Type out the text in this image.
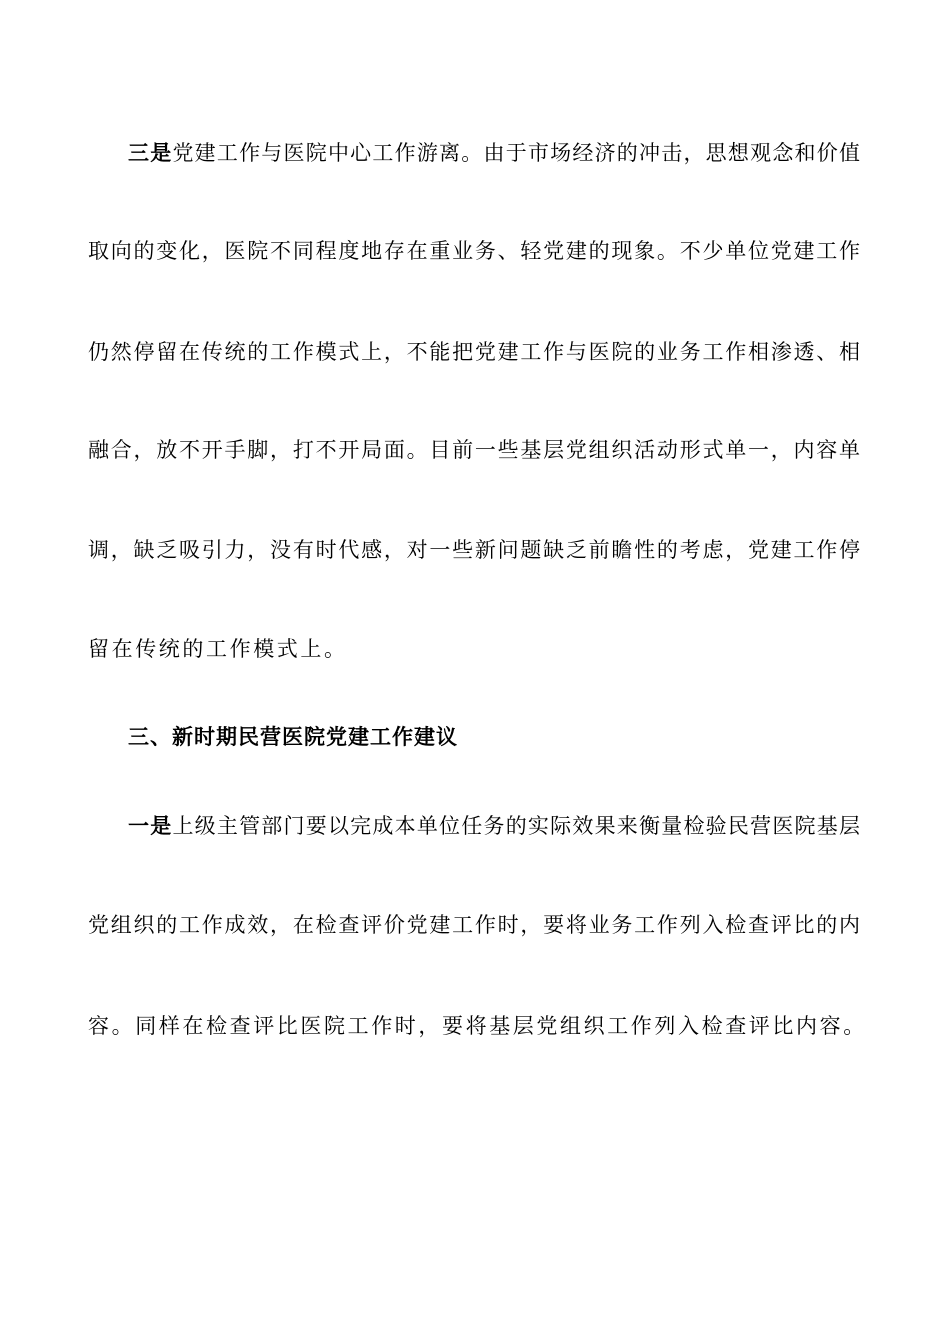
三是党建工作与医院中心工作游离。由于市场经济的冲击，思想观念和价值
取向的变化，医院不同程度地存在重业务、轻党建的现象。不少单位党建工作
仍然停留在传统的工作模式上，不能把党建工作与医院的业务工作相渗透、相
融合，放不开手脚，打不开局面。目前一些基层党组织活动形式单一，内容单
调，缺乏吸引力，没有时代感，对一些新问题缺乏前瞻性的考虑，党建工作停
留在传统的工作模式上。
三、新时期民营医院党建工作建议
一是上级主管部门要以完成本单位任务的实际效果来衡量检验民营医院基层
党组织的工作成效，在检查评价党建工作时，要将业务工作列入检查评比的内
容。同样在检查评比医院工作时，要将基层党组织工作列入检查评比内容。
